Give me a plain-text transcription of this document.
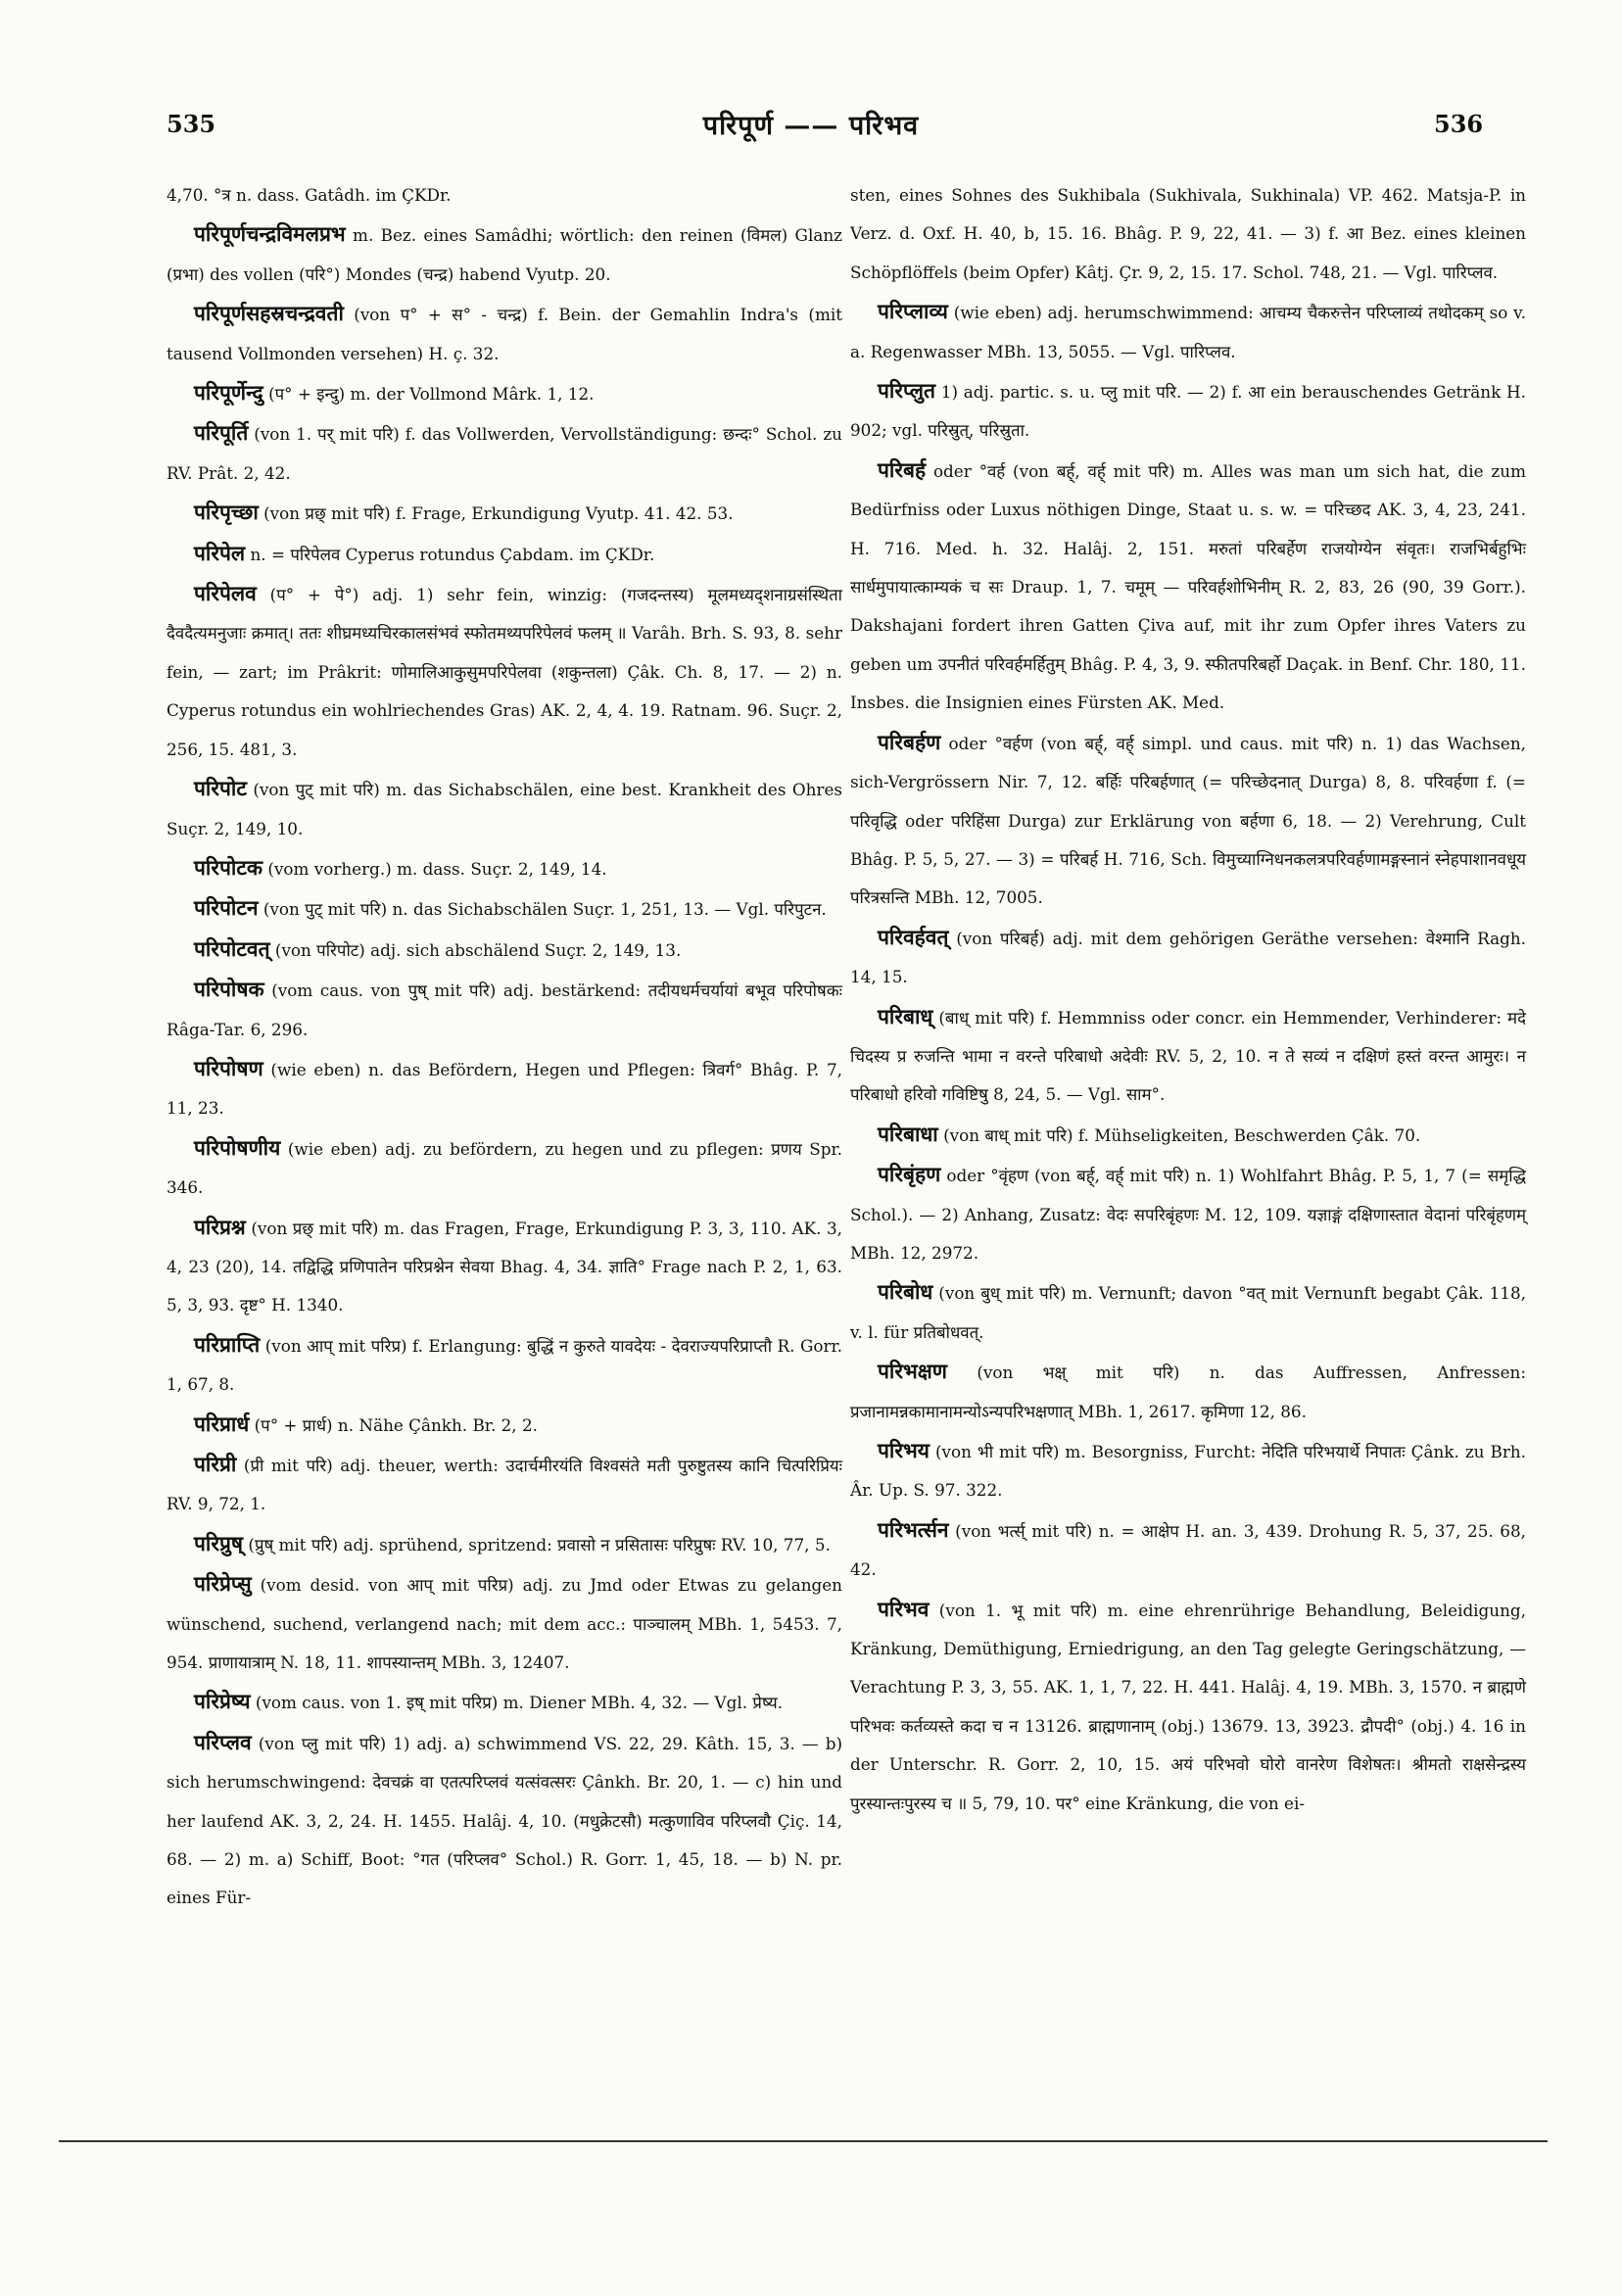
535	परिपूर्ण —— परिभव	536

4,70. °त्र n. dass. Gatâdh. im ÇKDr.

परिपूर्णचन्द्रविमलप्रभ m. Bez. eines Samâdhi; wörtlich: den reinen (विमल) Glanz (प्रभा) des vollen (परि°) Mondes (चन्द्र) habend Vyutp. 20.

परिपूर्णसहस्रचन्द्रवती (von प° + स° - चन्द्र) f. Bein. der Gemahlin Indra's (mit tausend Vollmonden versehen) H. ç. 32.

परिपूर्णेन्दु (प° + इन्दु) m. der Vollmond Mârk. 1, 12.

परिपूर्ति (von 1. पर् mit परि) f. das Vollwerden, Vervollständigung: छन्दः° Schol. zu RV. Prât. 2, 42.

परिपृच्छा (von प्रछ् mit परि) f. Frage, Erkundigung Vyutp. 41. 42. 53.

परिपेल n. = परिपेलव Cyperus rotundus Çabdam. im ÇKDr.

परिपेलव (प° + पे°) adj. 1) sehr fein, winzig: (गजदन्तस्य) मूलमध्यद्शनाग्रसंस्थिता दैवदैत्यमनुजाः क्रमात्। ततः शीघ्रमध्यचिरकालसंभवं स्फोतमथ्यपरिपेलवं फलम् ॥ Varâh. Brh. S. 93, 8. sehr fein, — zart; im Prâkrit: णोमालिआकुसुमपरिपेलवा (शकुन्तला) Çâk. Ch. 8, 17. — 2) n. Cyperus rotundus ein wohlriechendes Gras) AK. 2, 4, 4. 19. Ratnam. 96. Suçr. 2, 256, 15. 481, 3.

परिपोट (von पुट् mit परि) m. das Sichabschälen, eine best. Krankheit des Ohres Suçr. 2, 149, 10.

परिपोटक (vom vorherg.) m. dass. Suçr. 2, 149, 14.

परिपोटन (von पुट् mit परि) n. das Sichabschälen Suçr. 1, 251, 13. — Vgl. परिपुटन.

परिपोटवत् (von परिपोट) adj. sich abschälend Suçr. 2, 149, 13.

परिपोषक (vom caus. von पुष् mit परि) adj. bestärkend: तदीयधर्मचर्यायां बभूव परिपोषकः Râga-Tar. 6, 296.

परिपोषण (wie eben) n. das Befördern, Hegen und Pflegen: त्रिवर्ग° Bhâg. P. 7, 11, 23.

परिपोषणीय (wie eben) adj. zu befördern, zu hegen und zu pflegen: प्रणय Spr. 346.

परिप्रश्न (von प्रछ् mit परि) m. das Fragen, Frage, Erkundigung P. 3, 3, 110. AK. 3, 4, 23 (20), 14. तद्विद्धि प्रणिपातेन परिप्रश्नेन सेवया Bhag. 4, 34. ज्ञाति° Frage nach P. 2, 1, 63. 5, 3, 93. दृष्ट° H. 1340.

परिप्राप्ति (von आप् mit परिप्र) f. Erlangung: बुद्धिं न कुरुते यावदेयः - देवराज्यपरिप्राप्तौ R. Gorr. 1, 67, 8.

परिप्रार्ध (प° + प्रार्ध) n. Nähe Çânkh. Br. 2, 2.

परिप्री (प्री mit परि) adj. theuer, werth: उदार्चमीरयंति विश्वसंते मती पुरुष्टुतस्य कानि चित्परिप्रियः RV. 9, 72, 1.

परिप्रुष् (प्रुष् mit परि) adj. sprühend, spritzend: प्रवासो न प्रसितासः परिप्रुषः RV. 10, 77, 5.

परिप्रेप्सु (vom desid. von आप् mit परिप्र) adj. zu Jmd oder Etwas zu gelangen wünschend, suchend, verlangend nach; mit dem acc.: पाञ्चालम् MBh. 1, 5453. 7, 954. प्राणायात्राम् N. 18, 11. शापस्यान्तम् MBh. 3, 12407.

परिप्रेष्य (vom caus. von 1. इष् mit परिप्र) m. Diener MBh. 4, 32. — Vgl. प्रेष्य.

परिप्लव (von प्लु mit परि) 1) adj. a) schwimmend VS. 22, 29. Kâth. 15, 3. — b) sich herumschwingend: देवचक्रं वा एतत्परिप्लवं यत्संवत्सरः Çânkh. Br. 20, 1. — c) hin und her laufend AK. 3, 2, 24. H. 1455. Halâj. 4, 10. (मधुक्रेटसौ) मत्कुणाविव परिप्लवौ Çiç. 14, 68. — 2) m. a) Schiff, Boot: °गत (परिप्लव° Schol.) R. Gorr. 1, 45, 18. — b) N. pr. eines Für-

sten, eines Sohnes des Sukhibala (Sukhivala, Sukhinala) VP. 462. Matsja-P. in Verz. d. Oxf. H. 40, b, 15. 16. Bhâg. P. 9, 22, 41. — 3) f. आ Bez. eines kleinen Schöpflöffels (beim Opfer) Kâtj. Çr. 9, 2, 15. 17. Schol. 748, 21. — Vgl. पारिप्लव.

परिप्लाव्य (wie eben) adj. herumschwimmend: आचम्य चैकरुत्तेन परिप्लाव्यं तथोदकम् so v. a. Regenwasser MBh. 13, 5055. — Vgl. पारिप्लव.

परिप्लुत 1) adj. partic. s. u. प्लु mit परि. — 2) f. आ ein berauschendes Getränk H. 902; vgl. परिस्रुत्, परिस्रुता.

परिबर्ह oder °वर्ह (von बर्ह्, वर्ह् mit परि) m. Alles was man um sich hat, die zum Bedürfniss oder Luxus nöthigen Dinge, Staat u. s. w. = परिच्छद AK. 3, 4, 23, 241. H. 716. Med. h. 32. Halâj. 2, 151. मरुतां परिबर्हेण राजयोग्येन संवृतः। राजभिर्बहुभिः सार्धमुपायात्काम्यकं च सः Draup. 1, 7. चमूम् — परिवर्हशोभिनीम् R. 2, 83, 26 (90, 39 Gorr.). Dakshajani fordert ihren Gatten Çiva auf, mit ihr zum Opfer ihres Vaters zu geben um उपनीतं परिवर्हमर्हितुम् Bhâg. P. 4, 3, 9. स्फीतपरिबर्हो Daçak. in Benf. Chr. 180, 11. Insbes. die Insignien eines Fürsten AK. Med.

परिबर्हण oder °वर्हण (von बर्ह्, वर्ह् simpl. und caus. mit परि) n. 1) das Wachsen, sich-Vergrössern Nir. 7, 12. बर्हिः परिबर्हणात् (= परिच्छेदनात् Durga) 8, 8. परिवर्हणा f. (= परिवृद्धि oder परिहिंसा Durga) zur Erklärung von बर्हणा 6, 18. — 2) Verehrung, Cult Bhâg. P. 5, 5, 27. — 3) = परिबर्ह H. 716, Sch. विमुच्याग्निधनकलत्रपरिवर्हणामङ्गस्नानं स्नेहपाशानवधूय परित्रसन्ति MBh. 12, 7005.

परिवर्हवत् (von परिबर्ह) adj. mit dem gehörigen Geräthe versehen: वेश्मानि Ragh. 14, 15.

परिबाध् (बाध् mit परि) f. Hemmniss oder concr. ein Hemmender, Verhinderer: मदे चिदस्य प्र रुजन्ति भामा न वरन्ते परिबाधो अदेवीः RV. 5, 2, 10. न ते सव्यं न दक्षिणं हस्तं वरन्त आमुरः। न परिबाधो हरिवो गविष्टिषु 8, 24, 5. — Vgl. साम°.

परिबाधा (von बाध् mit परि) f. Mühseligkeiten, Beschwerden Çâk. 70.

परिबृंहण oder °वृंहण (von बर्ह्, वर्ह् mit परि) n. 1) Wohlfahrt Bhâg. P. 5, 1, 7 (= समृद्धि Schol.). — 2) Anhang, Zusatz: वेदः सपरिबृंहणः M. 12, 109. यज्ञाङ्गं दक्षिणास्तात वेदानां परिबृंहणम् MBh. 12, 2972.

परिबोध (von बुध् mit परि) m. Vernunft; davon °वत् mit Vernunft begabt Çâk. 118, v. l. für प्रतिबोधवत्.

परिभक्षण (von भक्ष् mit परि) n. das Auffressen, Anfressen: प्रजानामन्नकामानामन्योऽन्यपरिभक्षणात् MBh. 1, 2617. कृमिणा 12, 86.

परिभय (von भी mit परि) m. Besorgniss, Furcht: नेदिति परिभयार्थे निपातः Çânk. zu Brh. Âr. Up. S. 97. 322.

परिभर्त्सन (von भर्त्स् mit परि) n. = आक्षेप H. an. 3, 439. Drohung R. 5, 37, 25. 68, 42.

परिभव (von 1. भू mit परि) m. eine ehrenrührige Behandlung, Beleidigung, Kränkung, Demüthigung, Erniedrigung, an den Tag gelegte Geringschätzung, — Verachtung P. 3, 3, 55. AK. 1, 1, 7, 22. H. 441. Halâj. 4, 19. MBh. 3, 1570. न ब्राह्मणे परिभवः कर्तव्यस्ते कदा च न 13126. ब्राह्मणानाम् (obj.) 13679. 13, 3923. द्रौपदी° (obj.) 4. 16 in der Unterschr. R. Gorr. 2, 10, 15. अयं परिभवो घोरो वानरेण विशेषतः। श्रीमतो राक्षसेन्द्रस्य पुरस्यान्तःपुरस्य च ॥ 5, 79, 10. पर° eine Kränkung, die von ei-
